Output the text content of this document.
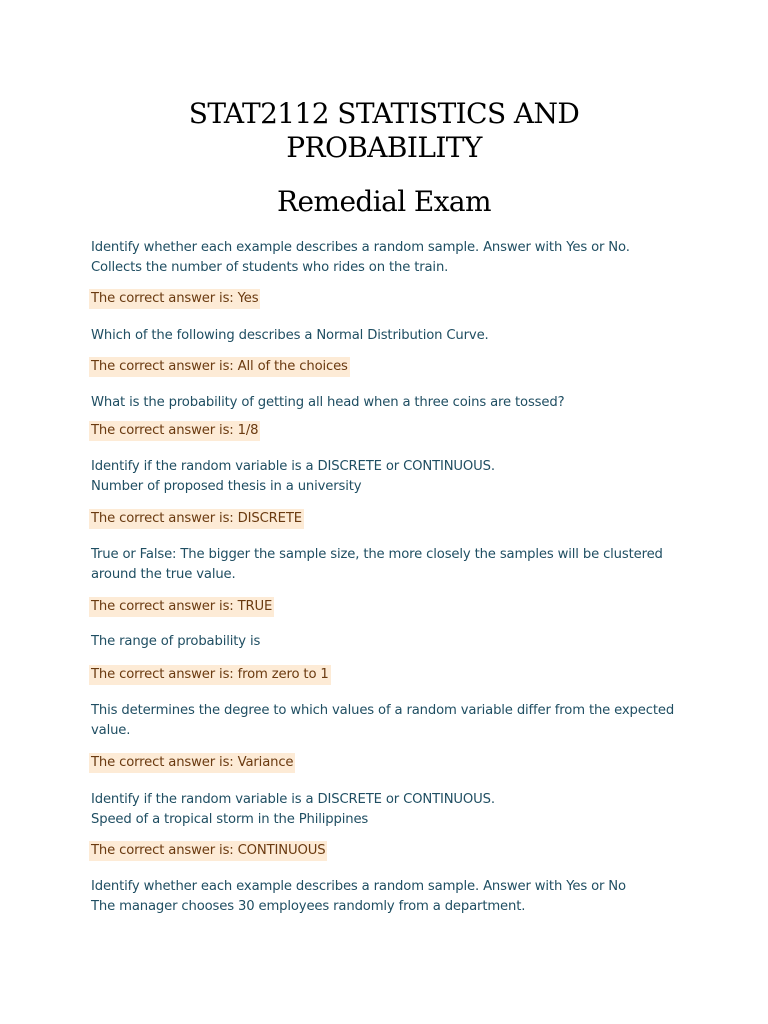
STAT2112 STATISTICS AND
PROBABILITY
Remedial Exam
Identify whether each example describes a random sample. Answer with Yes or No.
Collects the number of students who rides on the train.
The correct answer is: Yes
Which of the following describes a Normal Distribution Curve.
The correct answer is: All of the choices
What is the probability of getting all head when a three coins are tossed?
The correct answer is: 1/8
Identify if the random variable is a DISCRETE or CONTINUOUS.
Number of proposed thesis in a university
The correct answer is: DISCRETE
True or False: The bigger the sample size, the more closely the samples will be clustered
around the true value.
The correct answer is: TRUE
The range of probability is
The correct answer is: from zero to 1
This determines the degree to which values of a random variable differ from the expected
value.
The correct answer is: Variance
Identify if the random variable is a DISCRETE or CONTINUOUS.
Speed of a tropical storm in the Philippines
The correct answer is: CONTINUOUS
Identify whether each example describes a random sample. Answer with Yes or No
The manager chooses 30 employees randomly from a department.
